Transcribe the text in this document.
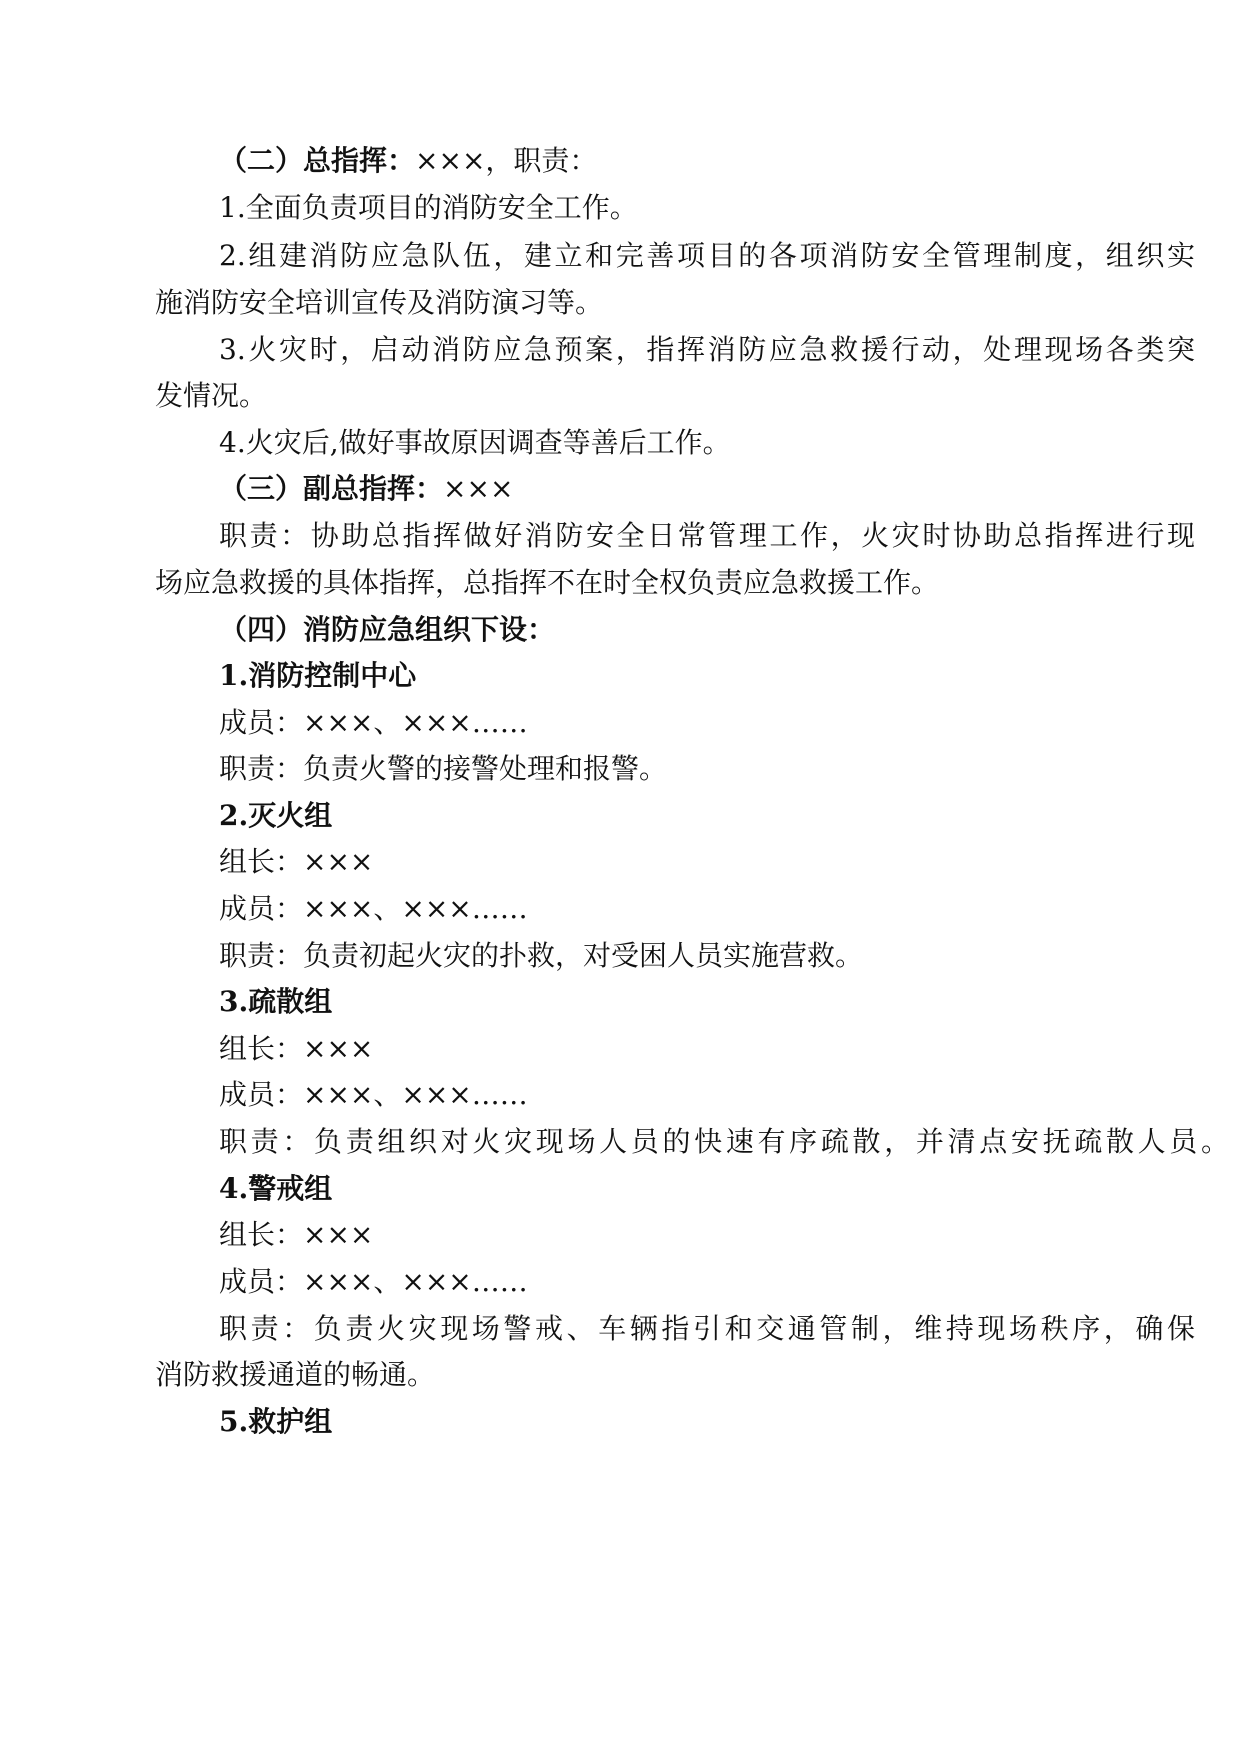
（二）总指挥：×××，职责：
1.全面负责项目的消防安全工作。
2.组建消防应急队伍，建立和完善项目的各项消防安全管理制度，组织实
施消防安全培训宣传及消防演习等。
3.火灾时，启动消防应急预案，指挥消防应急救援行动，处理现场各类突
发情况。
4.火灾后,做好事故原因调查等善后工作。
（三）副总指挥：×××
职责：协助总指挥做好消防安全日常管理工作，火灾时协助总指挥进行现
场应急救援的具体指挥，总指挥不在时全权负责应急救援工作。
（四）消防应急组织下设：
1.消防控制中心
成员：×××、×××……
职责：负责火警的接警处理和报警。
2.灭火组
组长：×××
成员：×××、×××……
职责：负责初起火灾的扑救，对受困人员实施营救。
3.疏散组
组长：×××
成员：×××、×××……
职责：负责组织对火灾现场人员的快速有序疏散，并清点安抚疏散人员。
4.警戒组
组长：×××
成员：×××、×××……
职责：负责火灾现场警戒、车辆指引和交通管制，维持现场秩序，确保
消防救援通道的畅通。
5.救护组
